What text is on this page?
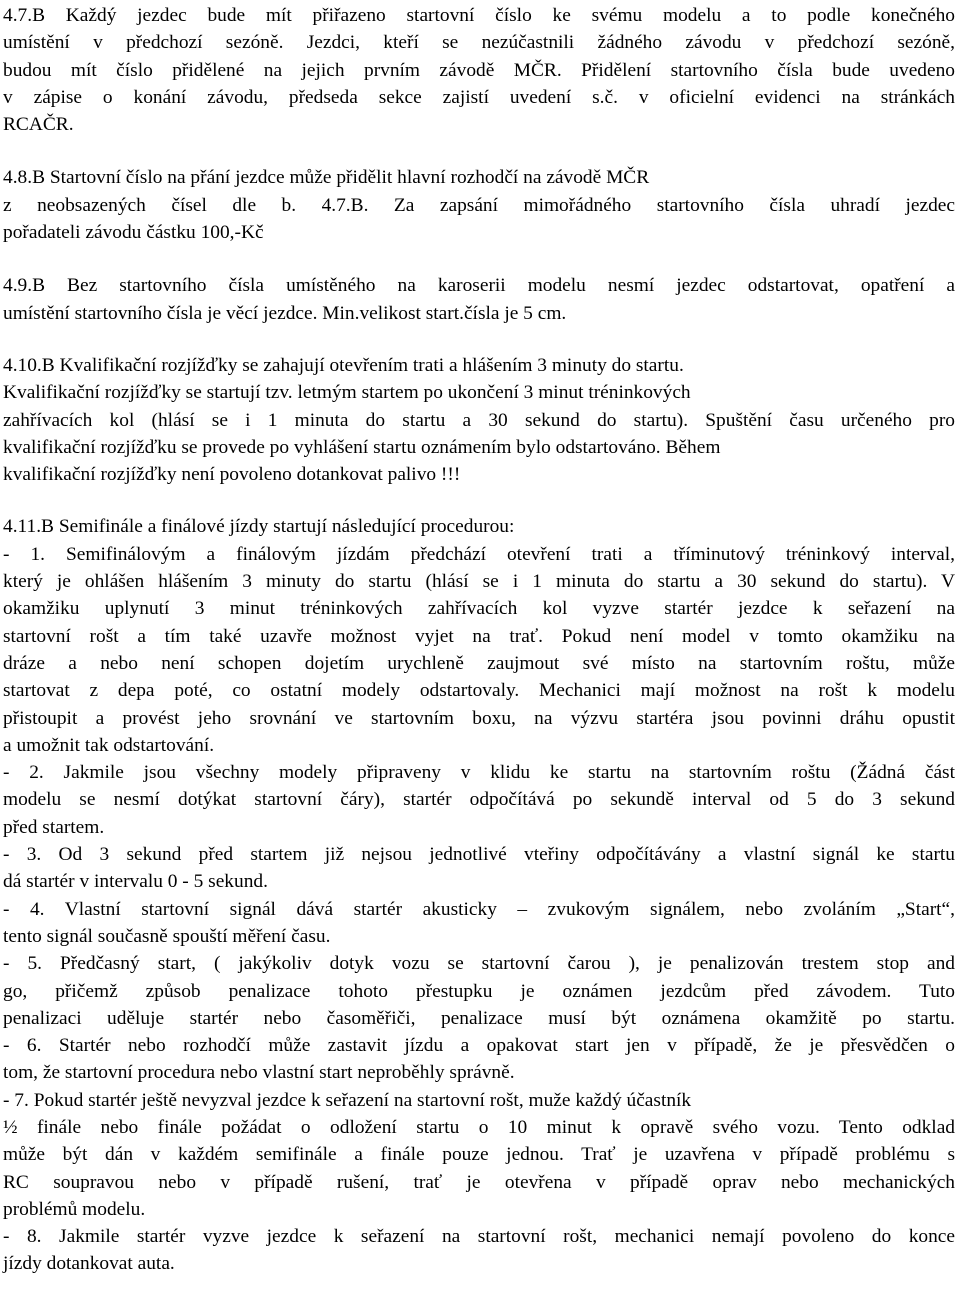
4.7.B Každý jezdec bude mít přiřazeno startovní číslo ke svému modelu a to podle konečného
umístění v předchozí sezóně. Jezdci, kteří se nezúčastnili žádného závodu v předchozí sezóně,
budou mít číslo přidělené na jejich prvním závodě MČR. Přidělení startovního čísla bude uvedeno
v zápise o konání závodu, předseda sekce zajistí uvedení s.č. v oficielní evidenci na stránkách
RCAČR.
4.8.B Startovní číslo na přání jezdce může přidělit hlavní rozhodčí na závodě MČR
z neobsazených čísel dle b. 4.7.B. Za zapsání mimořádného startovního čísla uhradí jezdec
pořadateli závodu částku 100,-Kč
4.9.B Bez startovního čísla umístěného na karoserii modelu nesmí jezdec odstartovat, opatření a
umístění startovního čísla je věcí jezdce. Min.velikost start.čísla je 5 cm.
4.10.B Kvalifikační rozjížďky se zahajují otevřením trati a hlášením 3 minuty do startu.
Kvalifikační rozjížďky se startují tzv. letmým startem po ukončení 3 minut tréninkových
zahřívacích kol (hlásí se i 1 minuta do startu a 30 sekund do startu). Spuštění času určeného pro
kvalifikační rozjížďku se provede po vyhlášení startu oznámením bylo odstartováno. Během
kvalifikační rozjížďky není povoleno dotankovat palivo !!!
4.11.B Semifinále a finálové jízdy startují následující procedurou:
- 1. Semifinálovým a finálovým jízdám předchází otevření trati a tříminutový tréninkový interval,
který je ohlášen hlášením 3 minuty do startu (hlásí se i 1 minuta do startu a 30 sekund do startu). V
okamžiku uplynutí 3 minut tréninkových zahřívacích kol vyzve startér jezdce k seřazení na
startovní rošt a tím také uzavře možnost vyjet na trať. Pokud není model v tomto okamžiku na
dráze a nebo není schopen dojetím urychleně zaujmout své místo na startovním roštu, může
startovat z depa poté, co ostatní modely odstartovaly. Mechanici mají možnost na rošt k modelu
přistoupit a provést jeho srovnání ve startovním boxu, na výzvu startéra jsou povinni dráhu opustit
a umožnit tak odstartování.
- 2. Jakmile jsou všechny modely připraveny v klidu ke startu na startovním roštu (Žádná část
modelu se nesmí dotýkat startovní čáry), startér odpočítává po sekundě interval od 5 do 3 sekund
před startem.
- 3. Od 3 sekund před startem již nejsou jednotlivé vteřiny odpočítávány a vlastní signál ke startu
dá startér v intervalu 0 - 5 sekund.
- 4. Vlastní startovní signál dává startér akusticky – zvukovým signálem, nebo zvoláním „Start“,
tento signál současně spouští měření času.
- 5. Předčasný start, ( jakýkoliv dotyk vozu se startovní čarou ), je penalizován trestem stop and
go, přičemž způsob penalizace tohoto přestupku je oznámen jezdcům před závodem. Tuto
penalizaci uděluje startér nebo časoměřiči, penalizace musí být oznámena okamžitě po startu.
- 6. Startér nebo rozhodčí může zastavit jízdu a opakovat start jen v případě, že je přesvědčen o
tom, že startovní procedura nebo vlastní start neproběhly správně.
- 7. Pokud startér ještě nevyzval jezdce k seřazení na startovní rošt, muže každý účastník
½ finále nebo finále požádat o odložení startu o 10 minut k opravě svého vozu. Tento odklad
může být dán v každém semifinále a finále pouze jednou. Trať je uzavřena v případě problému s
RC soupravou nebo v případě rušení, trať je otevřena v případě oprav nebo mechanických
problémů modelu.
- 8. Jakmile startér vyzve jezdce k seřazení na startovní rošt, mechanici nemají povoleno do konce
jízdy dotankovat auta.
